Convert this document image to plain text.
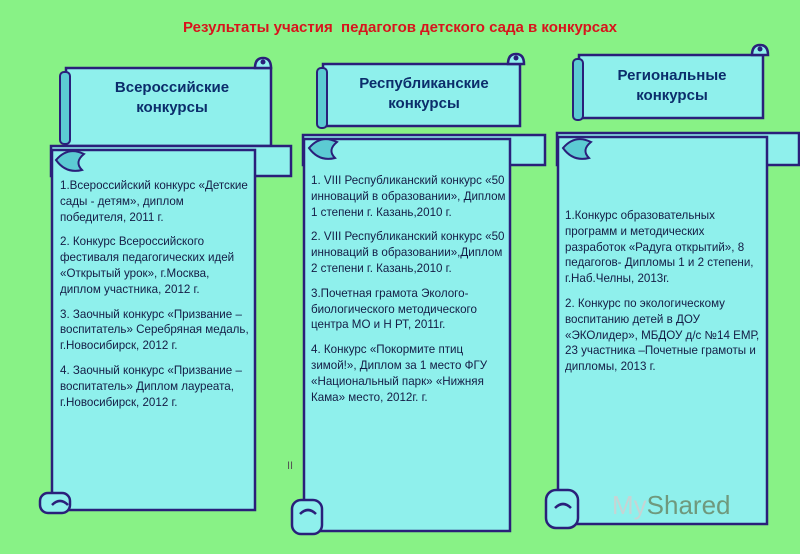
Результаты участия  педагогов детского сада в конкурсах
Всероссийские
конкурсы
Республиканские
конкурсы
Региональные
конкурсы

1.Всероссийский конкурс «Детские сады - детям», диплом победителя, 2011 г.

2. Конкурс Всероссийского фестиваля педагогических идей «Открытый урок», г.Москва, диплом участника, 2012 г.

3. Заочный конкурс «Призвание – воспитатель» Серебряная медаль, г.Новосибирск, 2012 г.

4. Заочный конкурс «Призвание – воспитатель» Диплом лауреата, г.Новосибирск, 2012 г.

1. VIII Республиканский конкурс «50 инноваций в образовании», Диплом
1 степени г. Казань,2010 г.

2. VIII Республиканский конкурс «50 инноваций в образовании»,Диплом 2 степени г. Казань,2010 г.

3.Почетная грамота Эколого-биологического методического центра МО и Н РТ, 2011г.

4. Конкурс «Покормите птиц зимой!», Диплом за 1 место ФГУ «Национальный парк» «Нижняя Кама» место, 2012г. г.

1.Конкурс образовательных программ и методических разработок «Радуга открытий», 8 педагогов- Дипломы 1 и 2 степени, г.Наб.Челны, 2013г.

2. Конкурс по экологическому воспитанию детей в ДОУ «ЭКОлидер», МБДОУ д/с №14 ЕМР, 23 участника –Почетные грамоты и дипломы, 2013 г.

II
MyShared
